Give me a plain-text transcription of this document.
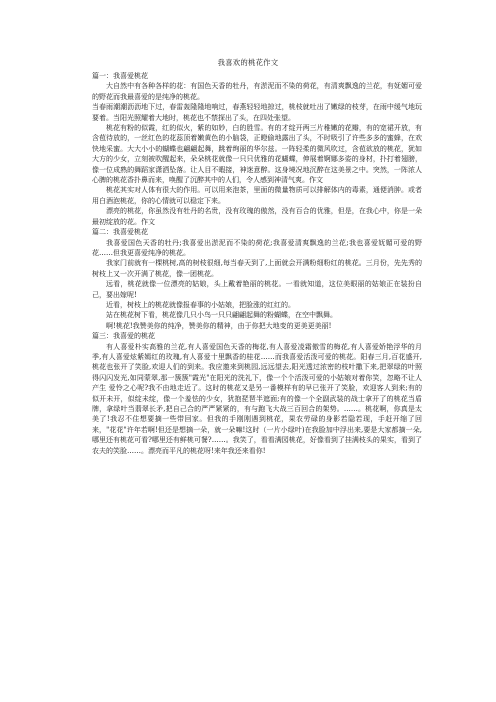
我喜欢的桃花作文

篇一：我喜爱桃花

大自然中有各种各样的花：有国色天香的牡丹，有淤泥而不染的荷花，有清爽飘逸的兰花，有妩媚可爱的野花而我最喜爱的是纯净的桃花。

当春雨潮潮沥沥地下过，春雷轰隆隆地响过，春燕轻轻地掠过，桃枝就吐出了嫩绿的枝芽，在雨中缓气地玩要着。当阳光照耀着大地时，桃花也不禁探出了头，在四处张望。

桃花有粉的似霞，红的似火，紫的如妙，白的胜雪。有的才绽开两三片稚嫩的花瓣，有的宽裙开放，有含苞待放的，一丝红色的花蕊顶着嫩黄色的小脑袋，正瞪偷地露出了头，不时吸引了许些多多的蜜蜂，在欢快地采蜜。大大小小的蝴蝶也翩翩起舞，跳着绚丽的华尔兹。一阵轻柔的微风吹过，含苞欲放的桃花，犹如大方的少女，立刻被吹醒起来，朵朵桃花就像一只只优雅的花蝴蝶，伸展着婀娜多姿的身材，扑打着翅膀，像一位成熟的舞蹈家潇洒坠落。让人目不暇接，神迷意醉。这身境况地沉醉在这美景之中。突然，一阵浓人心脾的桃花香扑鼻而来，唤醒了沉醉其中的人们，令人感到神清气爽。作文

桃花其实对人体有很大的作用。可以用来泡茶，里面的微量物质可以排解体内的毒素，通便消肿。或者用白酒泡桃花，你的心情就可以稳定下来。

漂亮的桃花，你虽然没有牡丹的名贵，没有玫瑰的傲然，没有百合的优雅，但是，在我心中，你是一朵最初绽放的花。作文

篇二：我喜爱桃花

我喜爱国色天香的牡丹;我喜爱出淤泥而不染的荷花;我喜爱清爽飘逸的兰花;我也喜爱妩媚可爱的野花……但我更喜爱纯净的桃花。

我家门前就有一棵桃树,高的树枝很细,每当春天到了,上面就会开满粉细粉红的桃花。三月份，先先秀的树枝上又一次开满了桃花，像一团桃花。

远看，桃花就像一位漂亮的姑娘，头上戴着艳丽的桃花。一看就知道，这位美眼丽的姑娘正在装扮自己，要出嫁呢!

近看，树枝上的桃花就像报春事的小姑娘，把脸涨的红红的。

站在桃花树下看，桃花像几只小鸟一只只翩翩起舞的粉蝴蝶，在空中飘舞。

啊!桃花!我赞美你的纯净，赞美你的精神，由于你把大地变的更美更美丽!

篇三：我喜爱的桃花

有人喜爱朴实高雅的兰花,有人喜爱国色天香的梅花,有人喜爱凌霜傲雪的梅花,有人喜爱娇艳浮华的月季,有人喜爱炫紫嫣红的玫瑰,有人喜爱十里飘香的桂花……而我喜爱活泼可爱的桃花。阳春三月,百花盛开,桃花也张开了笑脸,欢迎人们的到来。我应邀来到桃园,远远望去,阳光透过浓密的枝叶撒下来,把翠绿的叶照得闪闪发光,如同蒙翠,那一簇簇"霞光"在阳光的洗礼下，像一个个活泼可爱的小姑娘对着你笑，忽略不让人产生 爱怜之心呢?我不由地走近了。这时的桃花又是另一番模样有的早已张开了笑脸，欢迎客人到来;有的似开未开，似绽未绽，像一个羞怯的少女，犹抱琵琶半遮面;有的像一个全副武装的战士拿开了的桃花当盾牌，拿绿叶当翡翠长矛,把自己合的严严紧紧的，有与跑飞大战三百回合的架势。……。桃花啊，你真是太美了!我忍不住想要摘一些带回家。但我的手刚刚遇到桃花，果农劳碌的身影若隐若现，手赶开缩了回来，"花花"许年若啊!但还是想摘一朵，就一朵嘛!这时（一片小绿叶)在我脸加中浮出来,要是大家都摘一朵,哪里还有桃花可看?哪里还有鲜桃可餐?……。我笑了，看看满园桃花，好像看到了挂满枝头的果实，看到了农夫的笑脸……。漂亮而平凡的桃花呀!来年我还来看你!
